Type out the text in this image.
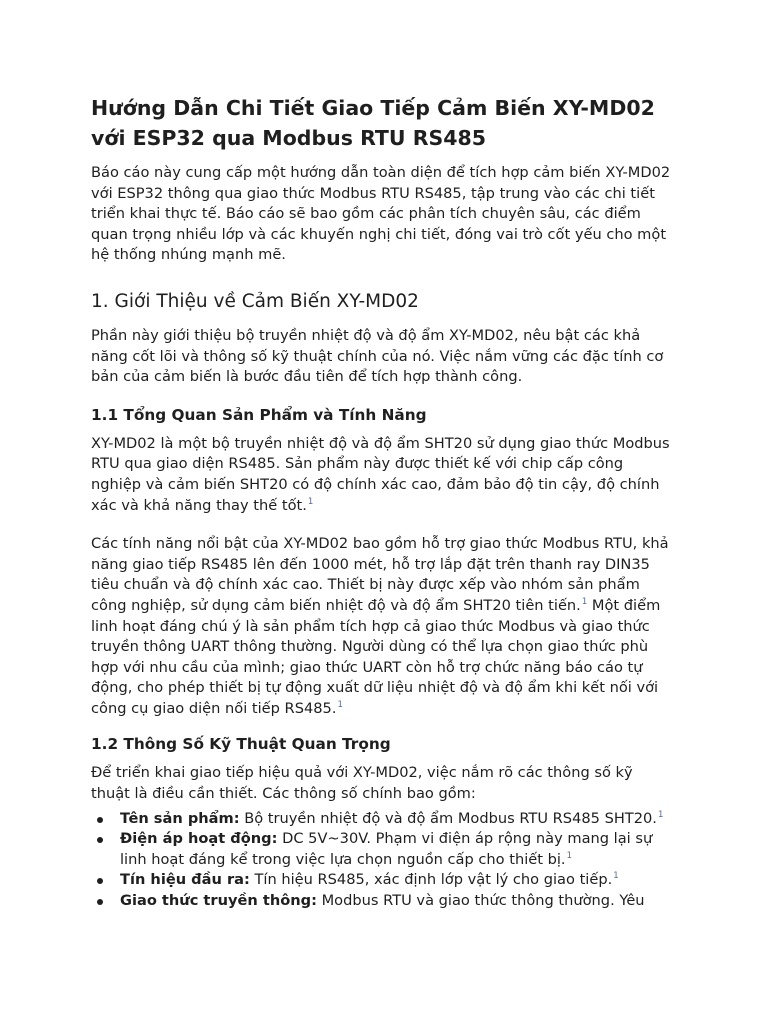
Hướng Dẫn Chi Tiết Giao Tiếp Cảm Biến XY-MD02 với ESP32 qua Modbus RTU RS485

Báo cáo này cung cấp một hướng dẫn toàn diện để tích hợp cảm biến XY-MD02 với ESP32 thông qua giao thức Modbus RTU RS485, tập trung vào các chi tiết triển khai thực tế. Báo cáo sẽ bao gồm các phân tích chuyên sâu, các điểm quan trọng nhiều lớp và các khuyến nghị chi tiết, đóng vai trò cốt yếu cho một hệ thống nhúng mạnh mẽ.

1. Giới Thiệu về Cảm Biến XY-MD02

Phần này giới thiệu bộ truyền nhiệt độ và độ ẩm XY-MD02, nêu bật các khả năng cốt lõi và thông số kỹ thuật chính của nó. Việc nắm vững các đặc tính cơ bản của cảm biến là bước đầu tiên để tích hợp thành công.

1.1 Tổng Quan Sản Phẩm và Tính Năng

XY-MD02 là một bộ truyền nhiệt độ và độ ẩm SHT20 sử dụng giao thức Modbus RTU qua giao diện RS485. Sản phẩm này được thiết kế với chip cấp công nghiệp và cảm biến SHT20 có độ chính xác cao, đảm bảo độ tin cậy, độ chính xác và khả năng thay thế tốt.$^1$

Các tính năng nổi bật của XY-MD02 bao gồm hỗ trợ giao thức Modbus RTU, khả năng giao tiếp RS485 lên đến 1000 mét, hỗ trợ lắp đặt trên thanh ray DIN35 tiêu chuẩn và độ chính xác cao. Thiết bị này được xếp vào nhóm sản phẩm công nghiệp, sử dụng cảm biến nhiệt độ và độ ẩm SHT20 tiên tiến.$^1$ Một điểm linh hoạt đáng chú ý là sản phẩm tích hợp cả giao thức Modbus và giao thức truyền thông UART thông thường. Người dùng có thể lựa chọn giao thức phù hợp với nhu cầu của mình; giao thức UART còn hỗ trợ chức năng báo cáo tự động, cho phép thiết bị tự động xuất dữ liệu nhiệt độ và độ ẩm khi kết nối với công cụ giao diện nối tiếp RS485.$^1$

1.2 Thông Số Kỹ Thuật Quan Trọng

Để triển khai giao tiếp hiệu quả với XY-MD02, việc nắm rõ các thông số kỹ thuật là điều cần thiết. Các thông số chính bao gồm:

Tên sản phẩm: Bộ truyền nhiệt độ và độ ẩm Modbus RTU RS485 SHT20.$^1$
Điện áp hoạt động: DC 5V~30V. Phạm vi điện áp rộng này mang lại sự linh hoạt đáng kể trong việc lựa chọn nguồn cấp cho thiết bị.$^1$
Tín hiệu đầu ra: Tín hiệu RS485, xác định lớp vật lý cho giao tiếp.$^1$
Giao thức truyền thông: Modbus RTU và giao thức thông thường. Yêu
